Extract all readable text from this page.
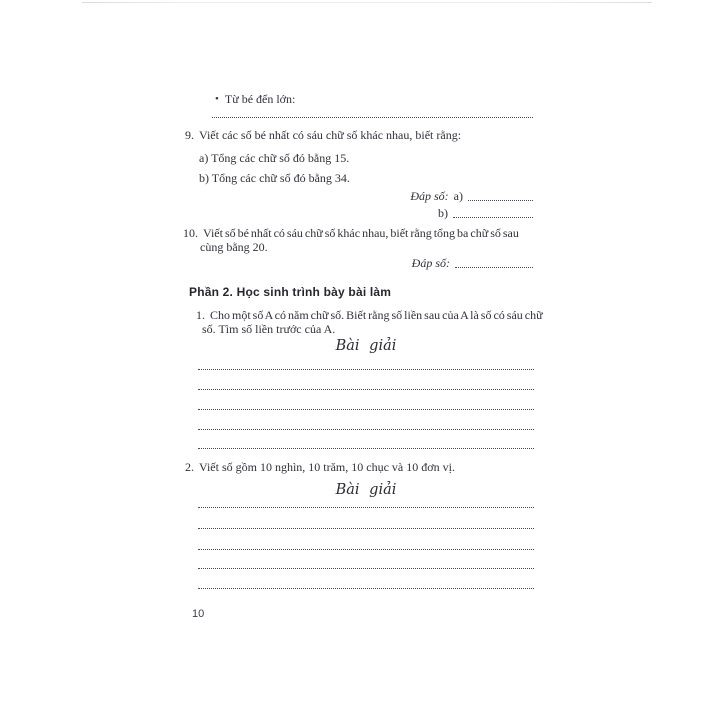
• Từ bé đến lớn:
9. Viết các số bé nhất có sáu chữ số khác nhau, biết rằng:
a) Tổng các chữ số đó bằng 15.
b) Tổng các chữ số đó bằng 34.
Đáp số: a)
b)
10. Viết số bé nhất có sáu chữ số khác nhau, biết rằng tổng ba chữ số sau
cùng bằng 20.
Đáp số:
Phần 2. Học sinh trình bày bài làm
1. Cho một số A có năm chữ số. Biết rằng số liền sau của A là số có sáu chữ
số. Tìm số liền trước của A.
Bài giải
2. Viết số gồm 10 nghìn, 10 trăm, 10 chục và 10 đơn vị.
Bài giải
10
